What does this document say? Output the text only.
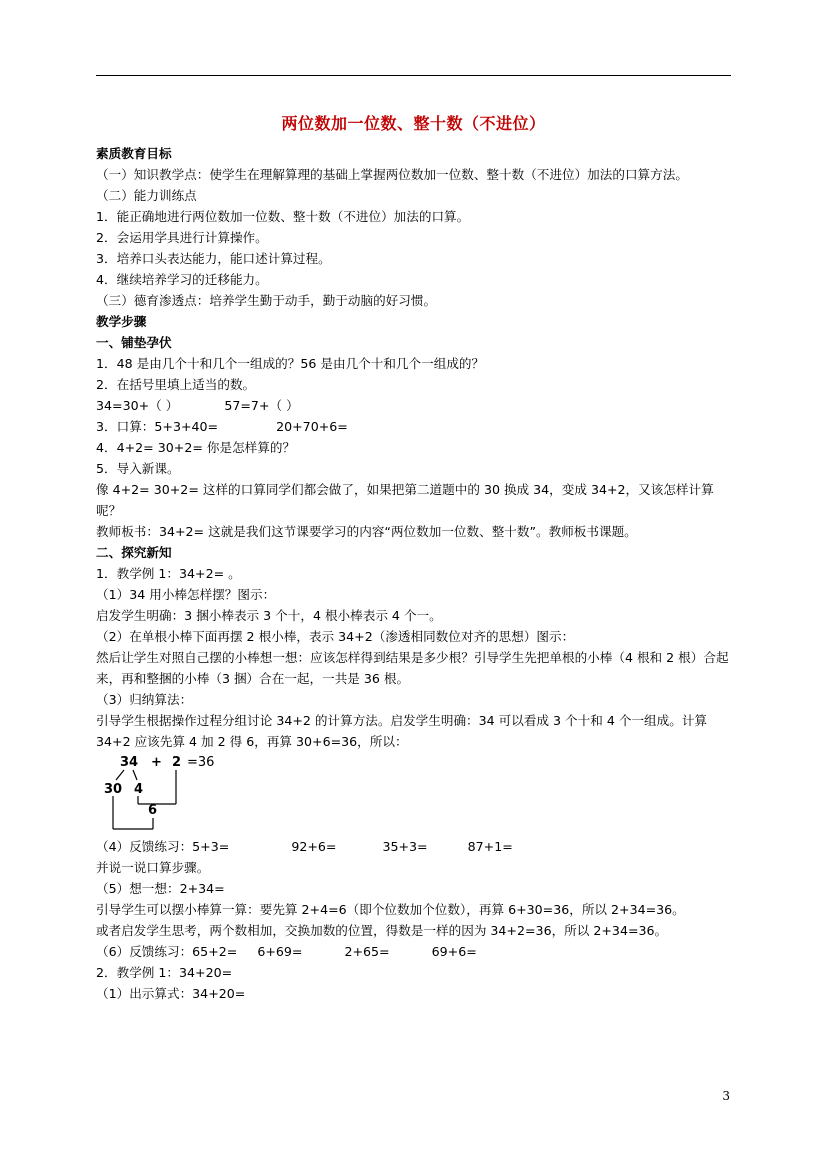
两位数加一位数、整十数（不进位）
素质教育目标
（一）知识教学点：使学生在理解算理的基础上掌握两位数加一位数、整十数（不进位）加法的口算方法。
（二）能力训练点
1．能正确地进行两位数加一位数、整十数（不进位）加法的口算。
2．会运用学具进行计算操作。
3．培养口头表达能力，能口述计算过程。
4．继续培养学习的迁移能力。
（三）德育渗透点：培养学生勤于动手，勤于动脑的好习惯。
教学步骤
一、铺垫孕伏
1．48 是由几个十和几个一组成的？56 是由几个十和几个一组成的？
2．在括号里填上适当的数。
34=30+（ ）	57=7+（ ）
3．口算：5+3+40=	20+70+6=
4．4+2= 30+2= 你是怎样算的？
5．导入新课。
像 4+2= 30+2= 这样的口算同学们都会做了，如果把第二道题中的 30 换成 34，变成 34+2，又该怎样计算呢？
教师板书：34+2= 这就是我们这节课要学习的内容“两位数加一位数、整十数”。教师板书课题。
二、探究新知
1．教学例 1：34+2= 。
（1）34 用小棒怎样摆？图示：
启发学生明确：3 捆小棒表示 3 个十，4 根小棒表示 4 个一。
（2）在单根小棒下面再摆 2 根小棒，表示 34+2（渗透相同数位对齐的思想）图示：
然后让学生对照自己摆的小棒想一想：应该怎样得到结果是多少根？引导学生先把单根的小棒（4 根和 2 根）合起来，再和整捆的小棒（3 捆）合在一起，一共是 36 根。
（3）归纳算法：
引导学生根据操作过程分组讨论 34+2 的计算方法。启发学生明确：34 可以看成 3 个十和 4 个一组成。计算 34+2 应该先算 4 加 2 得 6，再算 30+6=36，所以：
34 + 2 =36
30 4
6
（4）反馈练习：5+3=	92+6=	35+3=	87+1=
并说一说口算步骤。
（5）想一想：2+34=
引导学生可以摆小棒算一算：要先算 2+4=6（即个位数加个位数），再算 6+30=36，所以 2+34=36。
或者启发学生思考，两个数相加，交换加数的位置，得数是一样的因为 34+2=36，所以 2+34=36。
（6）反馈练习：65+2= 6+69=	2+65=	69+6=
2．教学例 1：34+20=
（1）出示算式：34+20=
3
